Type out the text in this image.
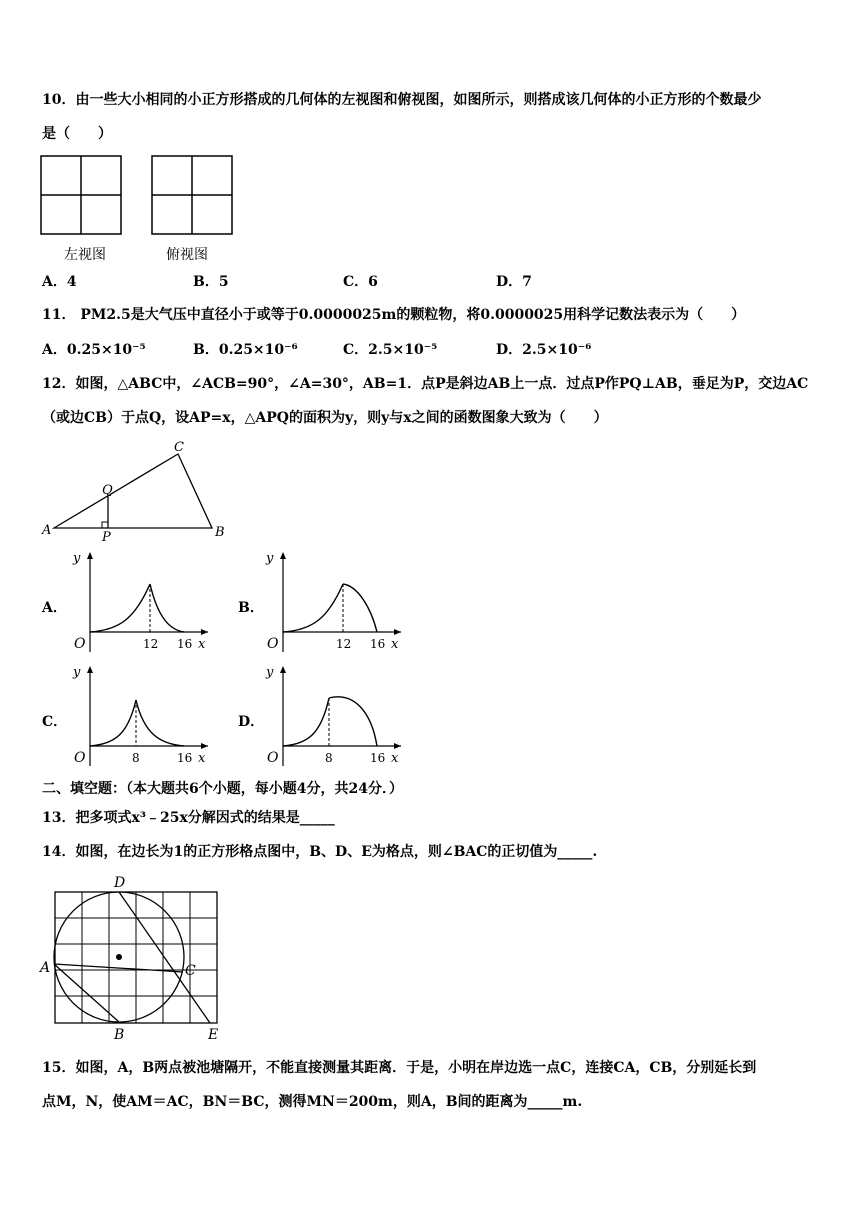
10．由一些大小相同的小正方形搭成的几何体的左视图和俯视图，如图所示，则搭成该几何体的小正方形的个数最少
是（　　）
左视图	俯视图
A．4	B．5	C．6	D．7
11． PM2.5是大气压中直径小于或等于0.0000025m的颗粒物，将0.0000025用科学记数法表示为（　　）
A．0.25×10⁻⁵	B．0.25×10⁻⁶	C．2.5×10⁻⁵	D．2.5×10⁻⁶
12．如图，△ABC中，∠ACB=90°，∠A=30°，AB=1．点P是斜边AB上一点．过点P作PQ⊥AB，垂足为P，交边AC
（或边CB）于点Q，设AP=x，△APQ的面积为y，则y与x之间的函数图象大致为（　　）
A
C
B
Q
P
A．
y
O	12 16 x
B．
y
O	12 16 x
C．
y
O	8	16 x
D．
y
O	8	16 x
二、填空题：（本大题共6个小题，每小题4分，共24分．）
13．把多项式x³﹣25x分解因式的结果是_____
14．如图，在边长为1的正方形格点图中，B、D、E为格点，则∠BAC的正切值为_____.
D
A	C
B	E
15．如图，A，B两点被池塘隔开，不能直接测量其距离．于是，小明在岸边选一点C，连接CA，CB，分别延长到
点M，N，使AM＝AC，BN＝BC，测得MN＝200m，则A，B间的距离为_____m.
